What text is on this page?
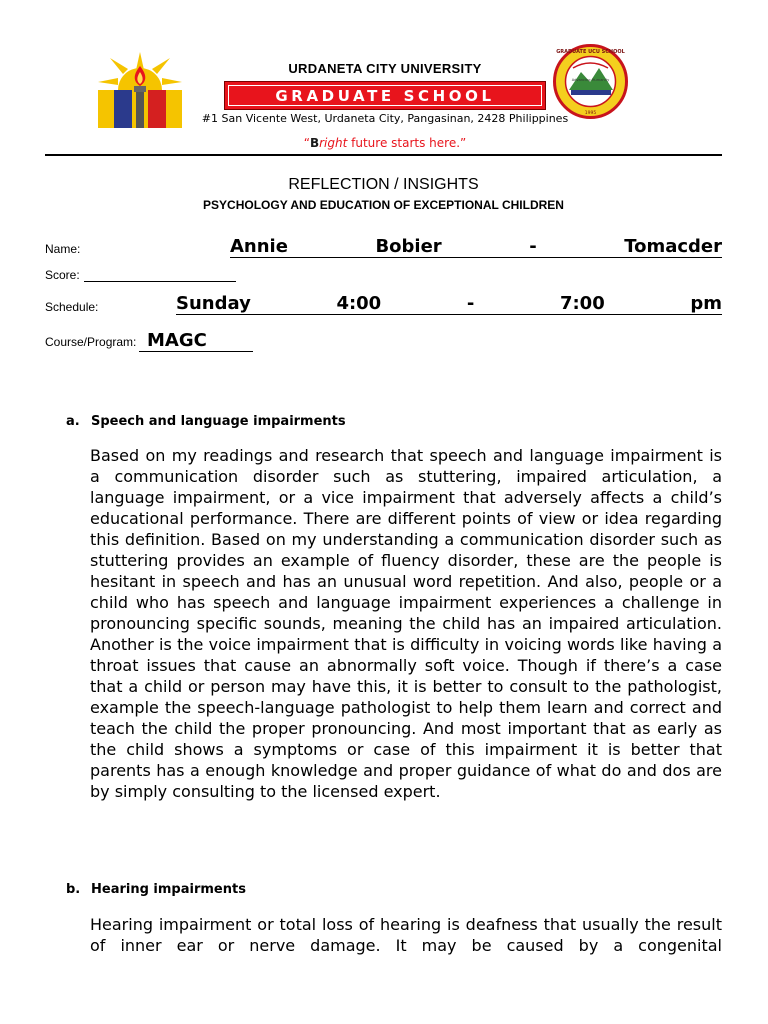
URDANETA CITY UNIVERSITY
GRADUATE SCHOOL
#1 San Vicente West, Urdaneta City, Pangasinan, 2428 Philippines
“Bright future starts here.”
GRADUATE UCU SCHOOL
Advancing Humanity
1995
REFLECTION / INSIGHTS
PSYCHOLOGY AND EDUCATION OF EXCEPTIONAL CHILDREN
Name:	Annie	Bobier	-	Tomacder
Score:
Schedule:	Sunday	4:00	-	7:00	pm
Course/Program: MAGC
a. Speech and language impairments
Based on my readings and research that speech and language impairment is a communication disorder such as stuttering, impaired articulation, a language impairment, or a vice impairment that adversely affects a child’s educational performance. There are different points of view or idea regarding this definition. Based on my understanding a communication disorder such as stuttering provides an example of fluency disorder, these are the people is hesitant in speech and has an unusual word repetition. And also, people or a child who has speech and language impairment experiences a challenge in pronouncing specific sounds, meaning the child has an impaired articulation. Another is the voice impairment that is difficulty in voicing words like having a throat issues that cause an abnormally soft voice. Though if there’s a case that a child or person may have this, it is better to consult to the pathologist, example the speech-language pathologist to help them learn and correct and teach the child the proper pronouncing. And most important that as early as the child shows a symptoms or case of this impairment it is better that parents has a enough knowledge and proper guidance of what do and dos are by simply consulting to the licensed expert.
b. Hearing impairments
Hearing impairment or total loss of hearing is deafness that usually the result of inner ear or nerve damage. It may be caused by a congenital
